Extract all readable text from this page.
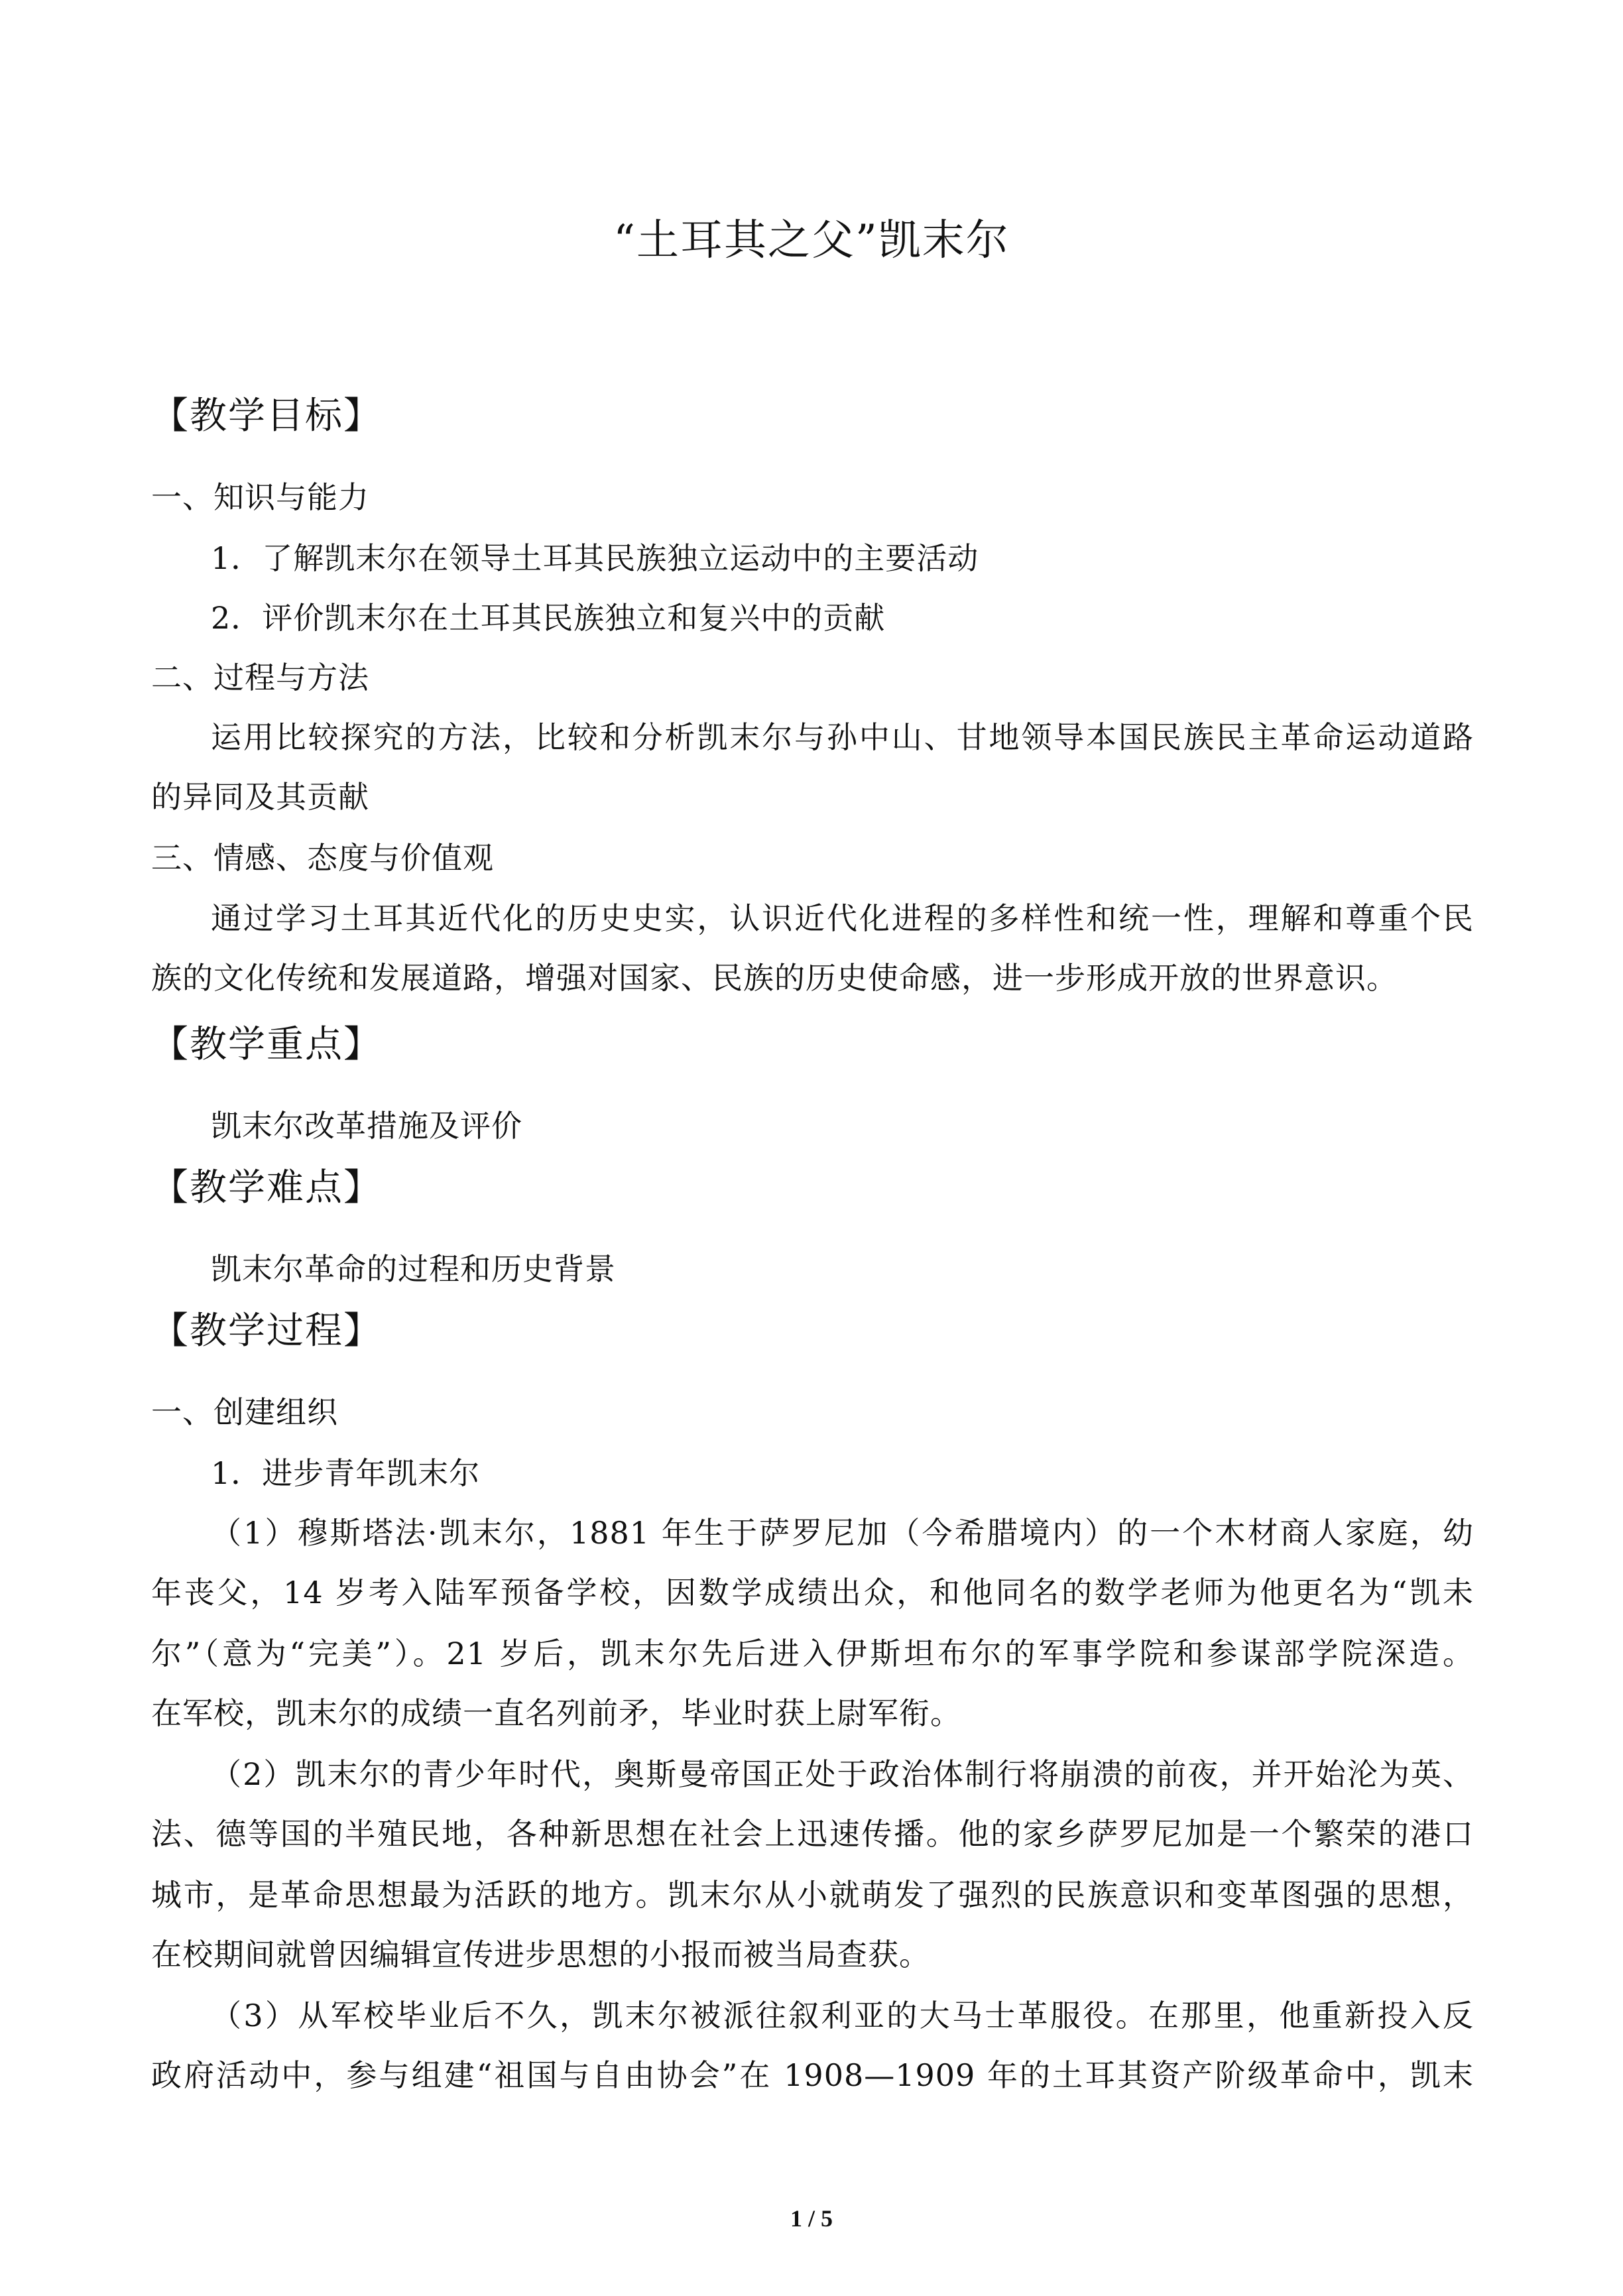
“土耳其之父”凯末尔
【教学目标】
一、知识与能力
1．了解凯末尔在领导土耳其民族独立运动中的主要活动
2．评价凯末尔在土耳其民族独立和复兴中的贡献
二、过程与方法
运用比较探究的方法，比较和分析凯末尔与孙中山、甘地领导本国民族民主革命运动道路
的异同及其贡献
三、情感、态度与价值观
通过学习土耳其近代化的历史史实，认识近代化进程的多样性和统一性，理解和尊重个民
族的文化传统和发展道路，增强对国家、民族的历史使命感，进一步形成开放的世界意识。
【教学重点】
凯末尔改革措施及评价
【教学难点】
凯末尔革命的过程和历史背景
【教学过程】
一、创建组织
1．进步青年凯末尔
（1）穆斯塔法·凯末尔，1881 年生于萨罗尼加（今希腊境内）的一个木材商人家庭，幼
年丧父，14 岁考入陆军预备学校，因数学成绩出众，和他同名的数学老师为他更名为“凯未
尔”（意为“完美”）。21 岁后，凯末尔先后进入伊斯坦布尔的军事学院和参谋部学院深造。
在军校，凯末尔的成绩一直名列前矛，毕业时获上尉军衔。
（2）凯末尔的青少年时代，奥斯曼帝国正处于政治体制行将崩溃的前夜，并开始沦为英、
法、德等国的半殖民地，各种新思想在社会上迅速传播。他的家乡萨罗尼加是一个繁荣的港口
城市，是革命思想最为活跃的地方。凯末尔从小就萌发了强烈的民族意识和变革图强的思想，
在校期间就曾因编辑宣传进步思想的小报而被当局查获。
（3）从军校毕业后不久，凯末尔被派往叙利亚的大马士革服役。在那里，他重新投入反
政府活动中，参与组建“祖国与自由协会”在 1908—1909 年的土耳其资产阶级革命中，凯末
1 / 5
